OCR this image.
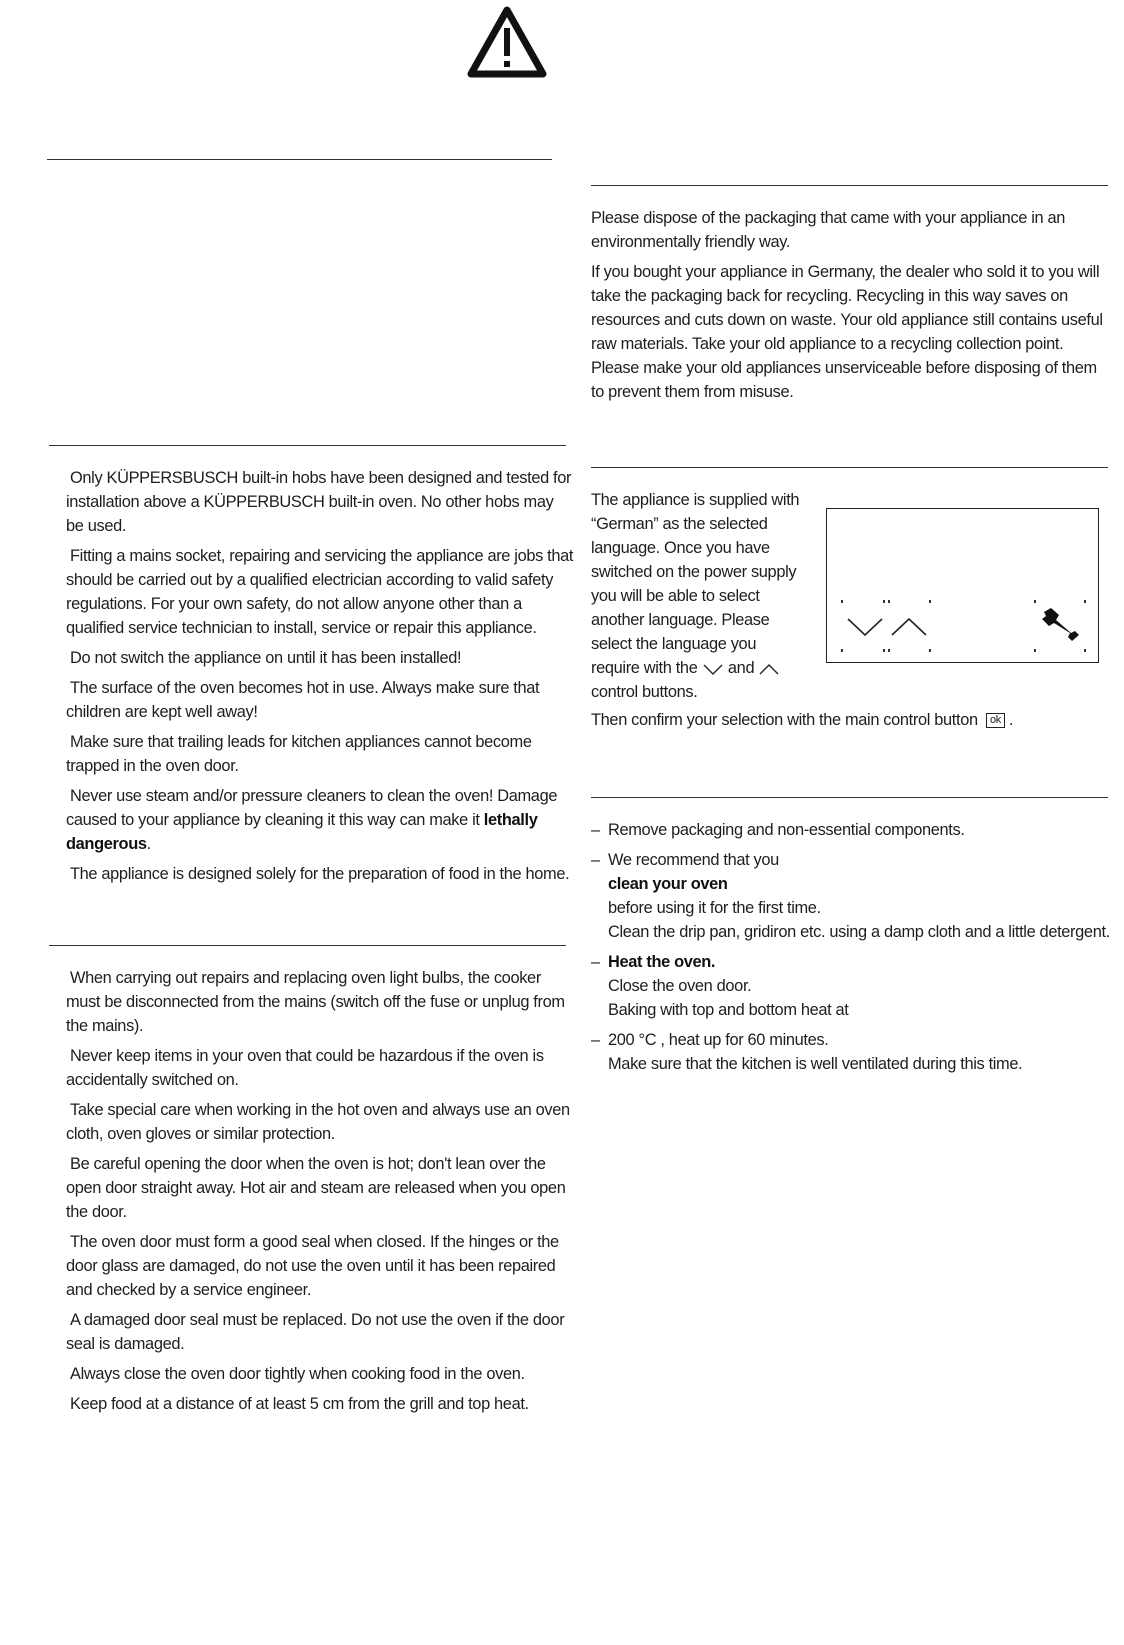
Please dispose of the packaging that came with your appliance in an environmentally friendly way.

If you bought your appliance in Germany, the dealer who sold it to you will take the packaging back for recycling. Recycling in this way saves on resources and cuts down on waste. Your old appliance still contains useful raw materials. Take your old appliance to a recycling collection point. Please make your old appliances unserviceable before disposing of them to prevent them from misuse.

Only KÜPPERSBUSCH built-in hobs have been designed and tested for installation above a KÜPPERBUSCH built-in oven. No other hobs may be used.

Fitting a mains socket, repairing and servicing the appliance are jobs that should be carried out by a qualified electrician according to valid safety regulations. For your own safety, do not allow anyone other than a qualified service technician to install, service or repair this appliance.

Do not switch the appliance on until it has been installed!

The surface of the oven becomes hot in use. Always make sure that children are kept well away!

Make sure that trailing leads for kitchen appliances cannot become trapped in the oven door.

Never use steam and/or pressure cleaners to clean the oven! Damage caused to your appliance by cleaning it this way can make it lethally dangerous.

The appliance is designed solely for the preparation of food in the home.

When carrying out repairs and replacing oven light bulbs, the cooker must be disconnected from the mains (switch off the fuse or unplug from the mains).

Never keep items in your oven that could be hazardous if the oven is accidentally switched on.

Take special care when working in the hot oven and always use an oven cloth, oven gloves or similar protection.

Be careful opening the door when the oven is hot; don't lean over the open door straight away. Hot air and steam are released when you open the door.

The oven door must form a good seal when closed. If the hinges or the door glass are damaged, do not use the oven until it has been repaired and checked by a service engineer.

A damaged door seal must be replaced. Do not use the oven if the door seal is damaged.

Always close the oven door tightly when cooking food in the oven.

Keep food at a distance of at least 5 cm from the grill and top heat.

The appliance is supplied with “German” as the selected language. Once you have switched on the power supply you will be able to select another language. Please select the language you require with the and  control buttons.

Then confirm your selection with the main control button ok .

– Remove packaging and non-essential components.
– We recommend that you
clean your oven
before using it for the first time.
Clean the drip pan, gridiron etc. using a damp cloth and a little detergent.
– Heat the oven.
Close the oven door.
Baking with top and bottom heat at
– 200 °C , heat up for 60 minutes.
Make sure that the kitchen is well ventilated during this time.
